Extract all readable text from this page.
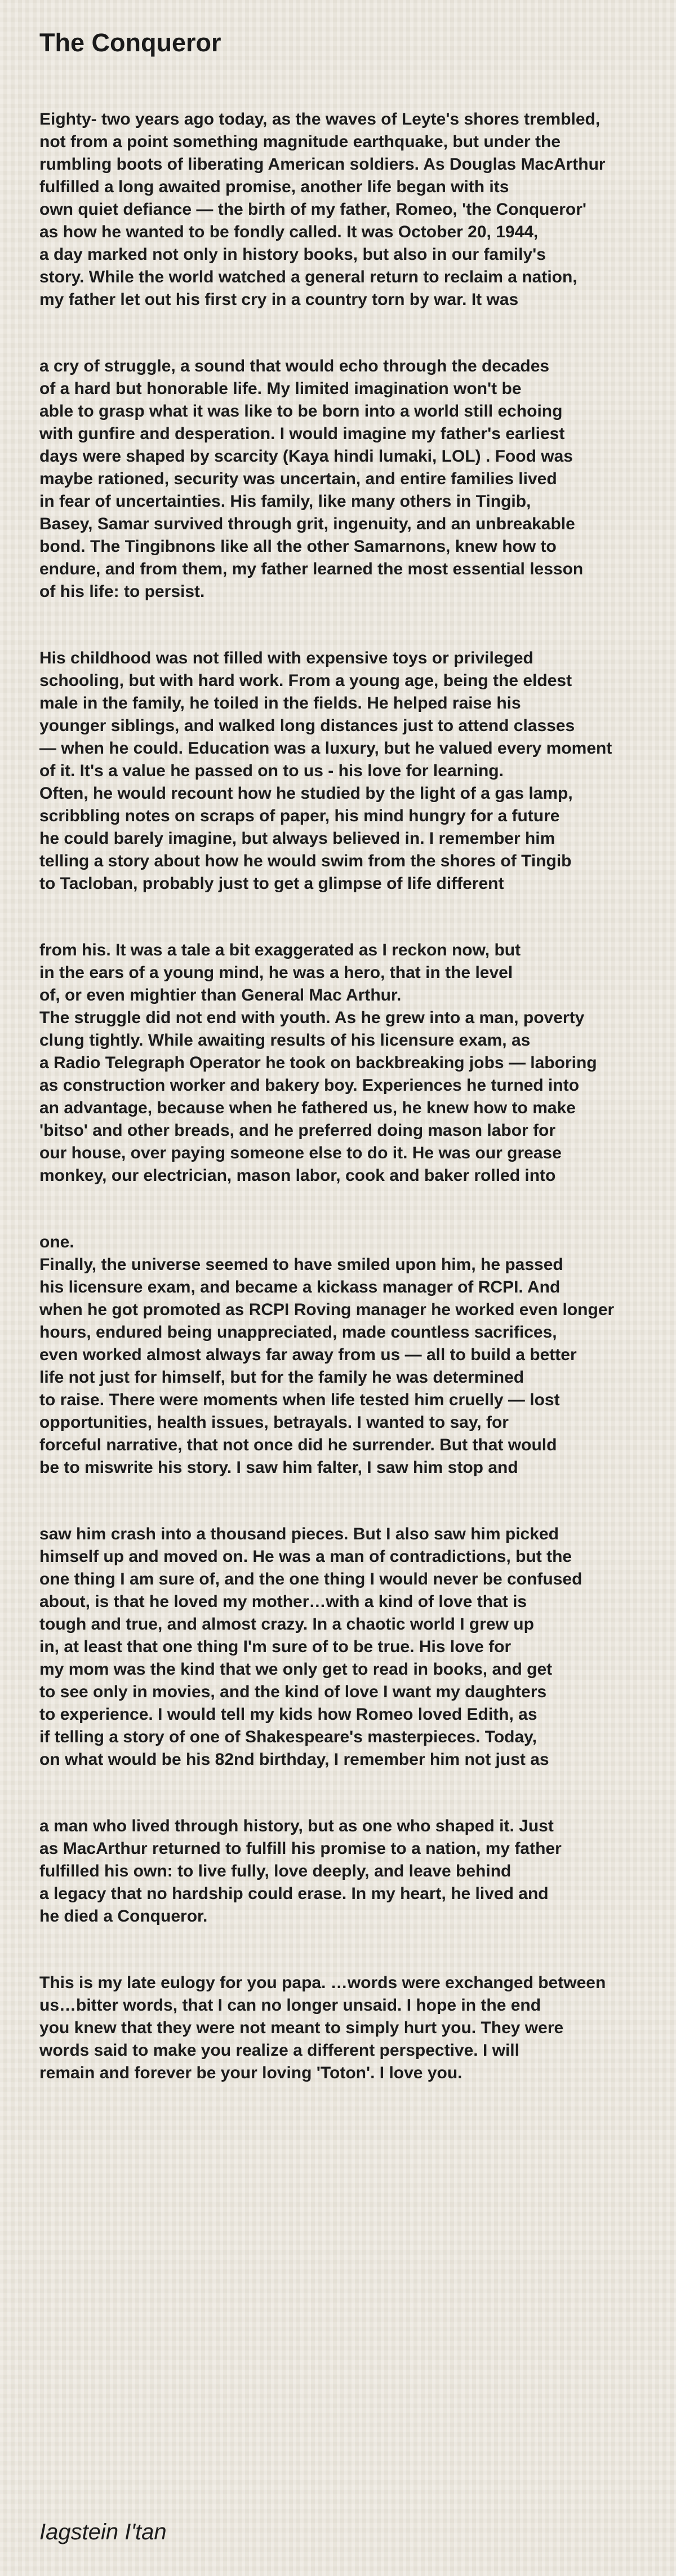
The Conqueror
Eighty- two years ago today, as the waves of Leyte's shores trembled,
not from a point something magnitude earthquake, but under the
rumbling boots of liberating American soldiers. As Douglas MacArthur
fulfilled a long awaited promise, another life began with its
own quiet defiance — the birth of my father, Romeo, 'the Conqueror'
as how he wanted to be fondly called. It was October 20, 1944,
a day marked not only in history books, but also in our family's
story. While the world watched a general return to reclaim a nation,
my father let out his first cry in a country torn by war. It was
a cry of struggle, a sound that would echo through the decades
of a hard but honorable life. My limited imagination won't be
able to grasp what it was like to be born into a world still echoing
with gunfire and desperation. I would imagine my father's earliest
days were shaped by scarcity (Kaya hindi lumaki, LOL) . Food was
maybe rationed, security was uncertain, and entire families lived
in fear of uncertainties. His family, like many others in Tingib,
Basey, Samar survived through grit, ingenuity, and an unbreakable
bond. The Tingibnons like all the other Samarnons, knew how to
endure, and from them, my father learned the most essential lesson
of his life: to persist.
His childhood was not filled with expensive toys or privileged
schooling, but with hard work. From a young age, being the eldest
male in the family, he toiled in the fields. He helped raise his
younger siblings, and walked long distances just to attend classes
— when he could. Education was a luxury, but he valued every moment
of it. It's a value he passed on to us - his love for learning.
Often, he would recount how he studied by the light of a gas lamp,
scribbling notes on scraps of paper, his mind hungry for a future
he could barely imagine, but always believed in. I remember him
telling a story about how he would swim from the shores of Tingib
to Tacloban, probably just to get a glimpse of life different
from his. It was a tale a bit exaggerated as I reckon now, but
in the ears of a young mind, he was a hero, that in the level
of, or even mightier than General Mac Arthur.
The struggle did not end with youth. As he grew into a man, poverty
clung tightly. While awaiting results of his licensure exam, as
a Radio Telegraph Operator he took on backbreaking jobs — laboring
as construction worker and bakery boy. Experiences he turned into
an advantage, because when he fathered us, he knew how to make
'bitso' and other breads, and he preferred doing mason labor for
our house, over paying someone else to do it. He was our grease
monkey, our electrician, mason labor, cook and baker rolled into
one.
Finally, the universe seemed to have smiled upon him, he passed
his licensure exam, and became a kickass manager of RCPI. And
when he got promoted as RCPI Roving manager he worked even longer
hours, endured being unappreciated, made countless sacrifices,
even worked almost always far away from us — all to build a better
life not just for himself, but for the family he was determined
to raise. There were moments when life tested him cruelly — lost
opportunities, health issues, betrayals. I wanted to say, for
forceful narrative, that not once did he surrender. But that would
be to miswrite his story. I saw him falter, I saw him stop and
saw him crash into a thousand pieces. But I also saw him picked
himself up and moved on. He was a man of contradictions, but the
one thing I am sure of, and the one thing I would never be confused
about, is that he loved my mother…with a kind of love that is
tough and true, and almost crazy. In a chaotic world I grew up
in, at least that one thing I'm sure of to be true. His love for
my mom was the kind that we only get to read in books, and get
to see only in movies, and the kind of love I want my daughters
to experience. I would tell my kids how Romeo loved Edith, as
if telling a story of one of Shakespeare's masterpieces. Today,
on what would be his 82nd birthday, I remember him not just as
a man who lived through history, but as one who shaped it. Just
as MacArthur returned to fulfill his promise to a nation, my father
fulfilled his own: to live fully, love deeply, and leave behind
a legacy that no hardship could erase. In my heart, he lived and
he died a Conqueror.
This is my late eulogy for you papa. …words were exchanged between
us…bitter words, that I can no longer unsaid. I hope in the end
you knew that they were not meant to simply hurt you. They were
words said to make you realize a different perspective. I will
remain and forever be your loving 'Toton'. I love you.
Iagstein I'tan
